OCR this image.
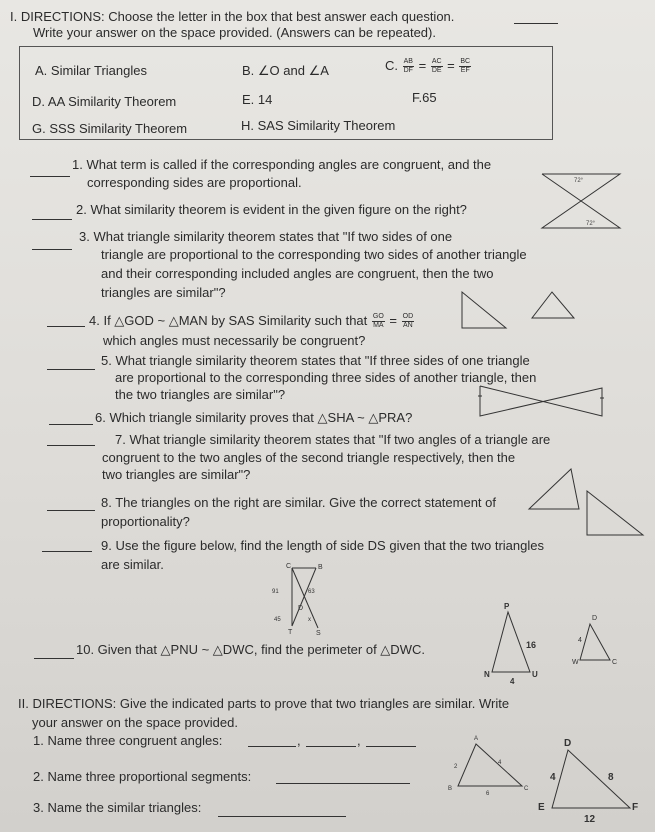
I. DIRECTIONS: Choose the letter in the box that best answer each question.
Write your answer on the space provided. (Answers can be repeated).
A. Similar Triangles	B. ∠O and ∠A	C. $\frac{AB}{DF} = \frac{AC}{DE} = \frac{BC}{EF}$
D. AA Similarity Theorem	E. 14	F.65
G. SSS Similarity Theorem	H. SAS Similarity Theorem
1. What term is called if the corresponding angles are congruent, and the
corresponding sides are proportional.
2. What similarity theorem is evident in the given figure on the right?
72°
72°
3. What triangle similarity theorem states that "If two sides of one
triangle are proportional to the corresponding two sides of another triangle
and their corresponding included angles are congruent, then the two
triangles are similar"?
4. If △GOD ~ △MAN by SAS Similarity such that $\frac{GO}{MA} = \frac{OD}{AN}$
which angles must necessarily be congruent?
5. What triangle similarity theorem states that "If three sides of one triangle
are proportional to the corresponding three sides of another triangle, then
the two triangles are similar"?
6. Which triangle similarity proves that △SHA ~ △PRA?
7. What triangle similarity theorem states that "If two angles of a triangle are
congruent to the two angles of the second triangle respectively, then the
two triangles are similar"?
8. The triangles on the right are similar. Give the correct statement of
proportionality?
9. Use the figure below, find the length of side DS given that the two triangles
are similar.	C	B
91	63
D
45	x
T	S
10. Given that △PNU ~ △DWC, find the perimeter of △DWC.
P
16
N	U
4
D
4
W	C
II. DIRECTIONS: Give the indicated parts to prove that two triangles are similar. Write
your answer on the space provided.
1. Name three congruent angles:	,	,
2. Name three proportional segments:
3. Name the similar triangles:
A
2
4
B
6
C
D
4	8
E	F
12
